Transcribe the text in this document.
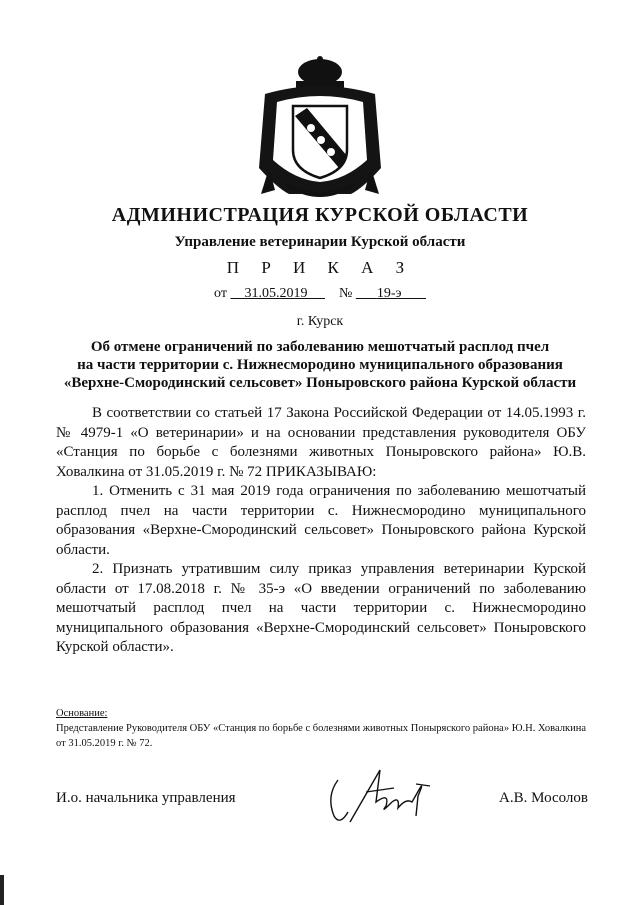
АДМИНИСТРАЦИЯ КУРСКОЙ ОБЛАСТИ
Управление ветеринарии Курской области
П Р И К А З
от 31.05.2019 № 19-э
г. Курск
Об отмене ограничений по заболеванию мешотчатый расплод пчел
на части территории с. Нижнесмородино муниципального образования
«Верхне-Смородинский сельсовет» Поныровского района Курской области

В соответствии со статьей 17 Закона Российской Федерации от 14.05.1993 г. № 4979-1 «О ветеринарии» и на основании представления руководителя ОБУ «Станция по борьбе с болезнями животных Поныровского района» Ю.В. Ховалкина от 31.05.2019 г. № 72 ПРИКАЗЫВАЮ:

1. Отменить с 31 мая 2019 года ограничения по заболеванию мешотчатый расплод пчел на части территории с. Нижнесмородино муниципального образования «Верхне-Смородинский сельсовет» Поныровского района Курской области.

2. Признать утратившим силу приказ управления ветеринарии Курской области от 17.08.2018 г. № 35-э «О введении ограничений по заболеванию мешотчатый расплод пчел на части территории с. Нижнесмородино муниципального образования «Верхне-Смородинский сельсовет» Поныровского Курской области».

Основание:
Представление Руководителя ОБУ «Станция по борьбе с болезнями животных Поныряского района» Ю.Н. Ховалкина от 31.05.2019 г. № 72.
И.о. начальника управления	А.В. Мосолов
